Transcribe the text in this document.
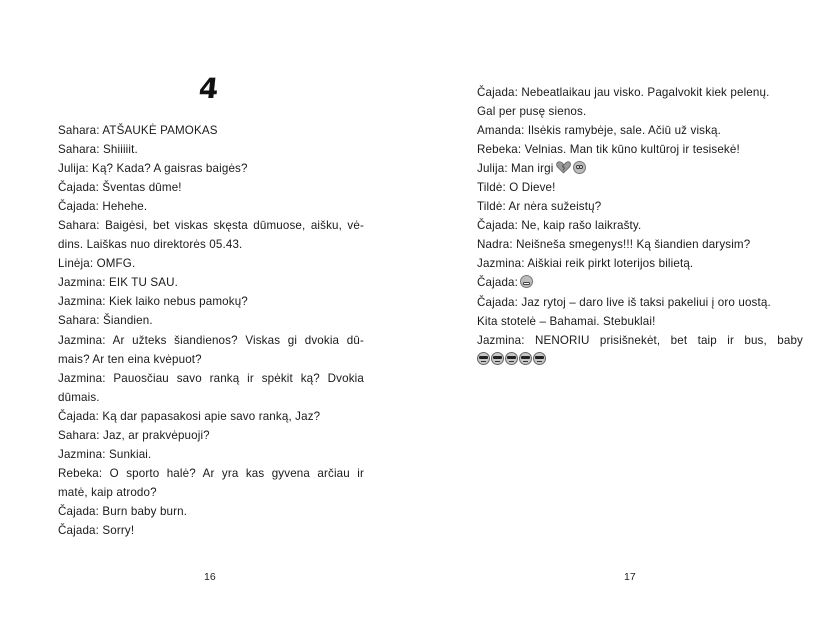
4
Sahara: ATŠAUKĖ PAMOKAS
Sahara: Shiiiiit.
Julija: Ką? Kada? A gaisras baigės?
Čajada: Šventas dūme!
Čajada: Hehehe.
Sahara: Baigėsi, bet viskas skęsta dūmuose, aišku, vė-
dins. Laiškas nuo direktorės 05.43.
Linėja: OMFG.
Jazmina: EIK TU SAU.
Jazmina: Kiek laiko nebus pamokų?
Sahara: Šiandien.
Jazmina: Ar užteks šiandienos? Viskas gi dvokia dū-
mais? Ar ten eina kvėpuot?
Jazmina: Pauosčiau savo ranką ir spėkit ką? Dvokia
dūmais.
Čajada: Ką dar papasakosi apie savo ranką, Jaz?
Sahara: Jaz, ar prakvėpuoji?
Jazmina: Sunkiai.
Rebeka: O sporto halė? Ar yra kas gyvena arčiau ir
matė, kaip atrodo?
Čajada: Burn baby burn.
Čajada: Sorry!
16
Čajada: Nebeatlaikau jau visko. Pagalvokit kiek pelenų.
Gal per pusę sienos.
Amanda: Ilsėkis ramybėje, sale. Ačiū už viską.
Rebeka: Velnias. Man tik kūno kultūroj ir tesisekė!
Julija: Man irgi
Tildė: O Dieve!
Tildė: Ar nėra sužeistų?
Čajada: Ne, kaip rašo laikrašty.
Nadra: Neišneša smegenys!!! Ką šiandien darysim?
Jazmina: Aiškiai reik pirkt loterijos bilietą.
Čajada:
Čajada: Jaz rytoj – daro live iš taksi pakeliui į oro uostą.
Kita stotelė – Bahamai. Stebuklai!
Jazmina: NENORIU prisišnekėt, bet taip ir bus, baby
17
